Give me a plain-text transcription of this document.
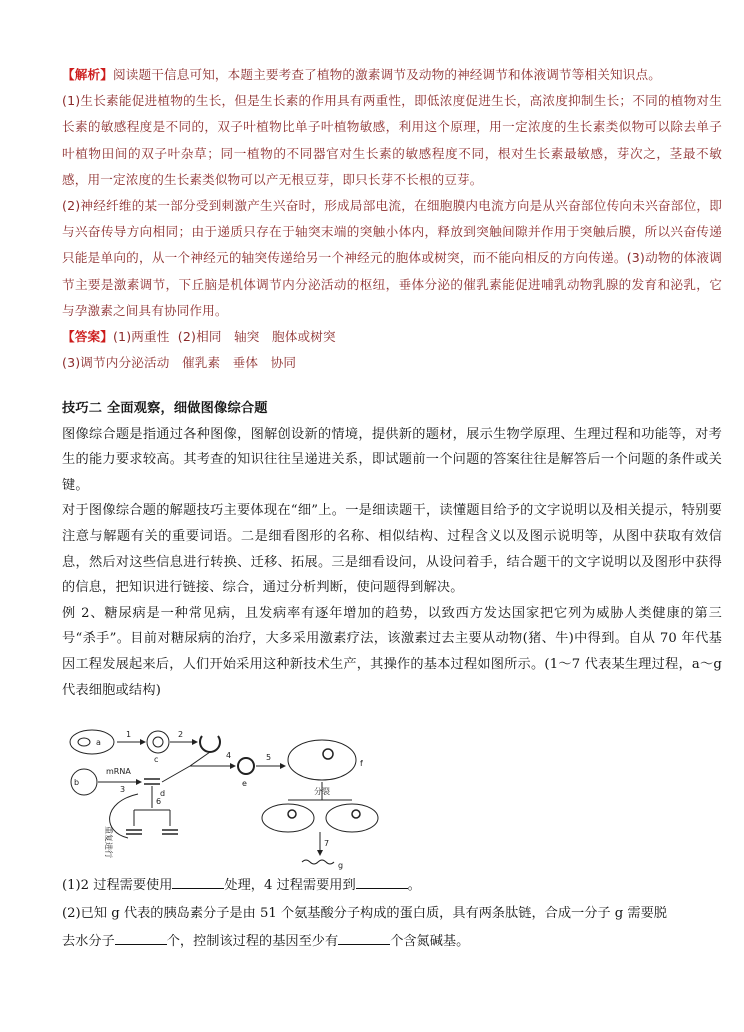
【解析】阅读题干信息可知，本题主要考查了植物的激素调节及动物的神经调节和体液调节等相关知识点。

(1)生长素能促进植物的生长，但是生长素的作用具有两重性，即低浓度促进生长，高浓度抑制生长；不同的植物对生长素的敏感程度是不同的，双子叶植物比单子叶植物敏感，利用这个原理，用一定浓度的生长素类似物可以除去单子叶植物田间的双子叶杂草；同一植物的不同器官对生长素的敏感程度不同，根对生长素最敏感，芽次之，茎最不敏感，用一定浓度的生长素类似物可以产无根豆芽，即只长芽不长根的豆芽。

(2)神经纤维的某一部分受到刺激产生兴奋时，形成局部电流，在细胞膜内电流方向是从兴奋部位传向未兴奋部位，即与兴奋传导方向相同；由于递质只存在于轴突末端的突触小体内，释放到突触间隙并作用于突触后膜，所以兴奋传递只能是单向的，从一个神经元的轴突传递给另一个神经元的胞体或树突，而不能向相反的方向传递。(3)动物的体液调节主要是激素调节，下丘脑是机体调节内分泌活动的枢纽，垂体分泌的催乳素能促进哺乳动物乳腺的发育和泌乳，它与孕激素之间具有协同作用。

【答案】(1)两重性  (2)相同   轴突   胞体或树突

(3)调节内分泌活动   催乳素   垂体   协同

技巧二 全面观察，细做图像综合题

图像综合题是指通过各种图像，图解创设新的情境，提供新的题材，展示生物学原理、生理过程和功能等，对考生的能力要求较高。其考查的知识往往呈递进关系，即试题前一个问题的答案往往是解答后一个问题的条件或关键。

对于图像综合题的解题技巧主要体现在“细”上。一是细读题干，读懂题目给予的文字说明以及相关提示，特别要注意与解题有关的重要词语。二是细看图形的名称、相似结构、过程含义以及图示说明等，从图中获取有效信息，然后对这些信息进行转换、迁移、拓展。三是细看设问，从设问着手，结合题干的文字说明以及图形中获得的信息，把知识进行链接、综合，通过分析判断，使问题得到解决。

例 2、糖尿病是一种常见病，且发病率有逐年增加的趋势，以致西方发达国家把它列为威胁人类健康的第三号“杀手”。目前对糖尿病的治疗，大多采用激素疗法，该激素过去主要从动物(猪、牛)中得到。自从 70 年代基因工程发展起来后，人们开始采用这种新技术生产，其操作的基本过程如图所示。(1～7 代表某生理过程，a～g 代表细胞或结构)

a
1
c
2
b
mRNA
3	d
4
e
5
f
分裂
7
g
6
重复进行

(1)2 过程需要使用	处理，4 过程需要用到	。

(2)已知 g 代表的胰岛素分子是由 51 个氨基酸分子构成的蛋白质，具有两条肽链，合成一分子 g 需要脱

去水分子	个，控制该过程的基因至少有	个含氮碱基。
